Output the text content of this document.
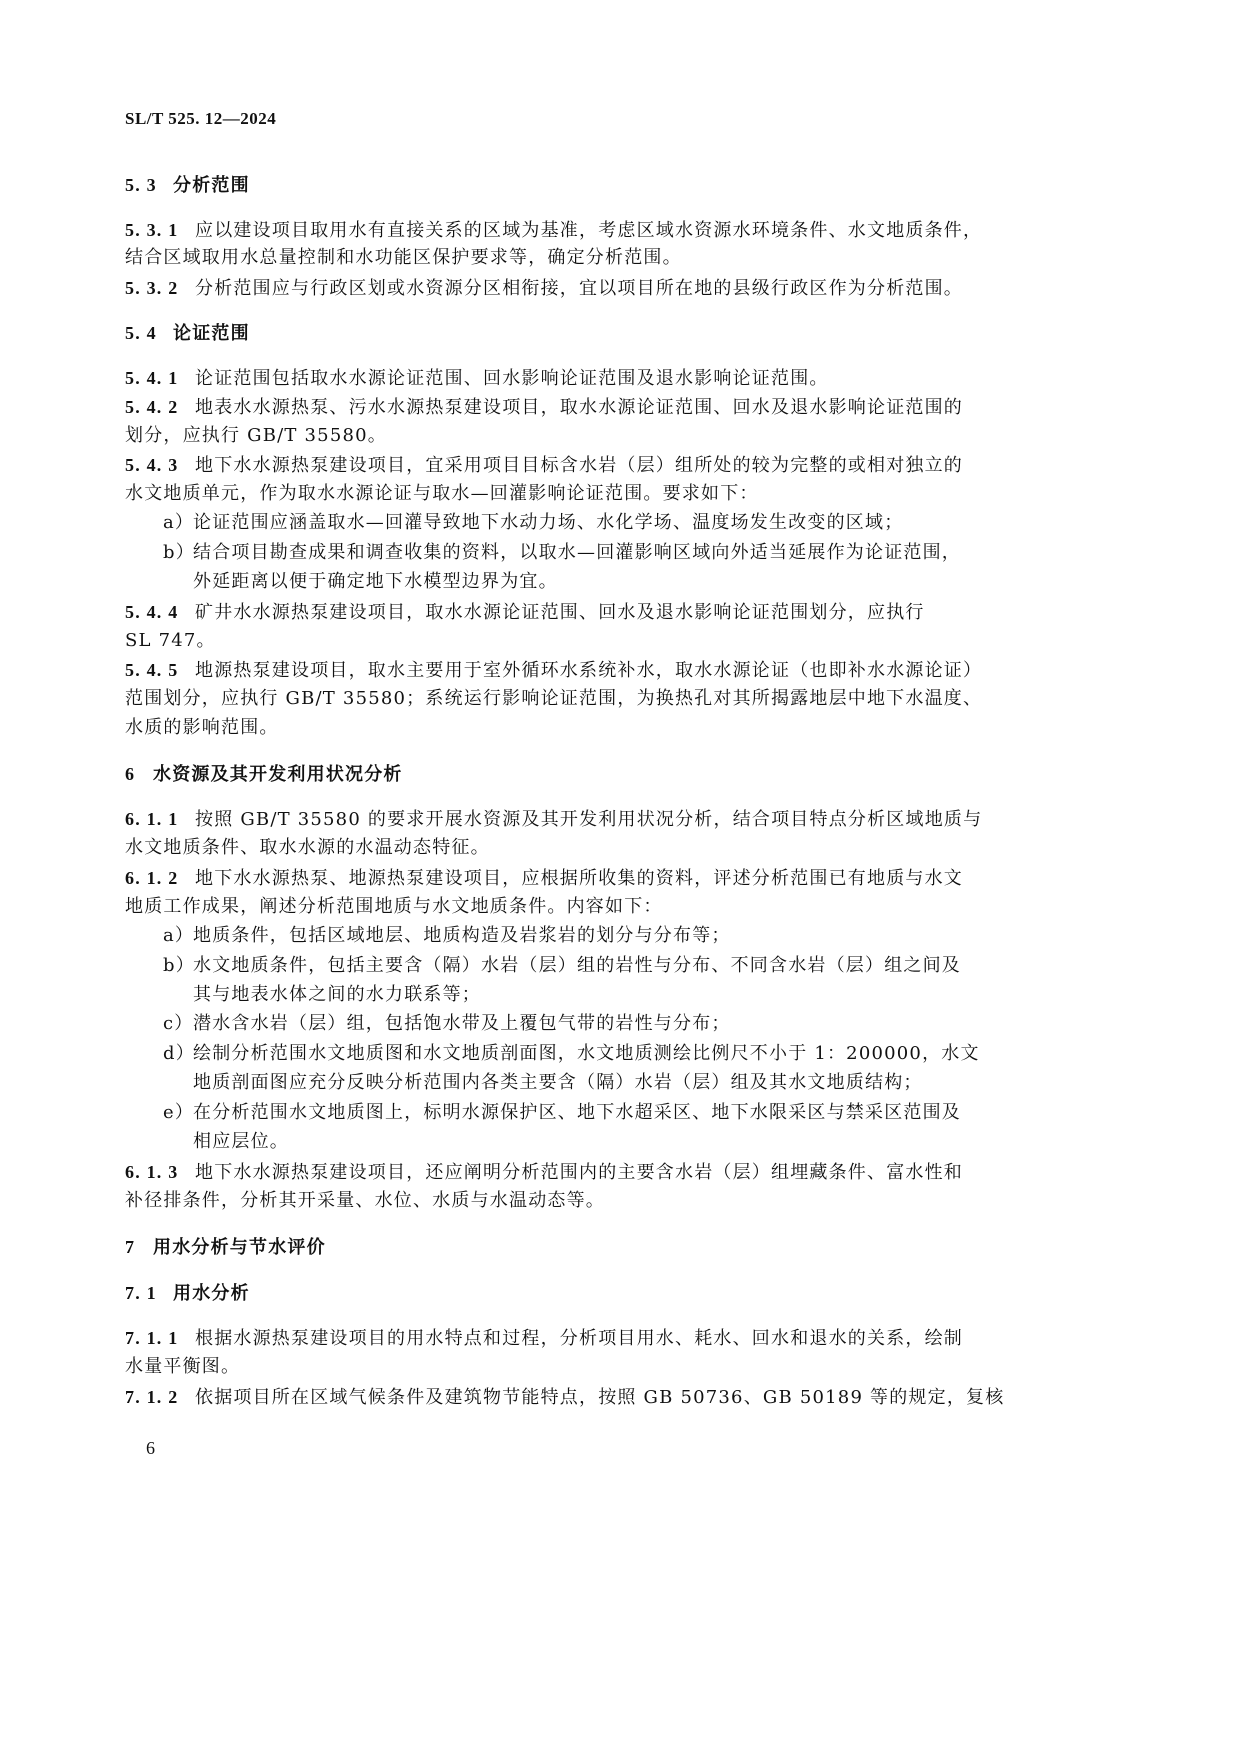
SL/T 525. 12—2024
5. 3 分析范围
5. 3. 1 应以建设项目取用水有直接关系的区域为基准，考虑区域水资源水环境条件、水文地质条件，
结合区域取用水总量控制和水功能区保护要求等，确定分析范围。
5. 3. 2 分析范围应与行政区划或水资源分区相衔接，宜以项目所在地的县级行政区作为分析范围。
5. 4 论证范围
5. 4. 1 论证范围包括取水水源论证范围、回水影响论证范围及退水影响论证范围。
5. 4. 2 地表水水源热泵、污水水源热泵建设项目，取水水源论证范围、回水及退水影响论证范围的
划分，应执行 GB/T 35580。
5. 4. 3 地下水水源热泵建设项目，宜采用项目目标含水岩（层）组所处的较为完整的或相对独立的
水文地质单元，作为取水水源论证与取水—回灌影响论证范围。要求如下：
a）论证范围应涵盖取水—回灌导致地下水动力场、水化学场、温度场发生改变的区域；
b）结合项目勘查成果和调查收集的资料，以取水—回灌影响区域向外适当延展作为论证范围，
外延距离以便于确定地下水模型边界为宜。
5. 4. 4 矿井水水源热泵建设项目，取水水源论证范围、回水及退水影响论证范围划分，应执行
SL 747。
5. 4. 5 地源热泵建设项目，取水主要用于室外循环水系统补水，取水水源论证（也即补水水源论证）
范围划分，应执行 GB/T 35580；系统运行影响论证范围，为换热孔对其所揭露地层中地下水温度、
水质的影响范围。
6 水资源及其开发利用状况分析
6. 1. 1 按照 GB/T 35580 的要求开展水资源及其开发利用状况分析，结合项目特点分析区域地质与
水文地质条件、取水水源的水温动态特征。
6. 1. 2 地下水水源热泵、地源热泵建设项目，应根据所收集的资料，评述分析范围已有地质与水文
地质工作成果，阐述分析范围地质与水文地质条件。内容如下：
a）地质条件，包括区域地层、地质构造及岩浆岩的划分与分布等；
b）水文地质条件，包括主要含（隔）水岩（层）组的岩性与分布、不同含水岩（层）组之间及
其与地表水体之间的水力联系等；
c）潜水含水岩（层）组，包括饱水带及上覆包气带的岩性与分布；
d）绘制分析范围水文地质图和水文地质剖面图，水文地质测绘比例尺不小于 1：200000，水文
地质剖面图应充分反映分析范围内各类主要含（隔）水岩（层）组及其水文地质结构；
e）在分析范围水文地质图上，标明水源保护区、地下水超采区、地下水限采区与禁采区范围及
相应层位。
6. 1. 3 地下水水源热泵建设项目，还应阐明分析范围内的主要含水岩（层）组埋藏条件、富水性和
补径排条件，分析其开采量、水位、水质与水温动态等。
7 用水分析与节水评价
7. 1 用水分析
7. 1. 1 根据水源热泵建设项目的用水特点和过程，分析项目用水、耗水、回水和退水的关系，绘制
水量平衡图。
7. 1. 2 依据项目所在区域气候条件及建筑物节能特点，按照 GB 50736、GB 50189 等的规定，复核
6
